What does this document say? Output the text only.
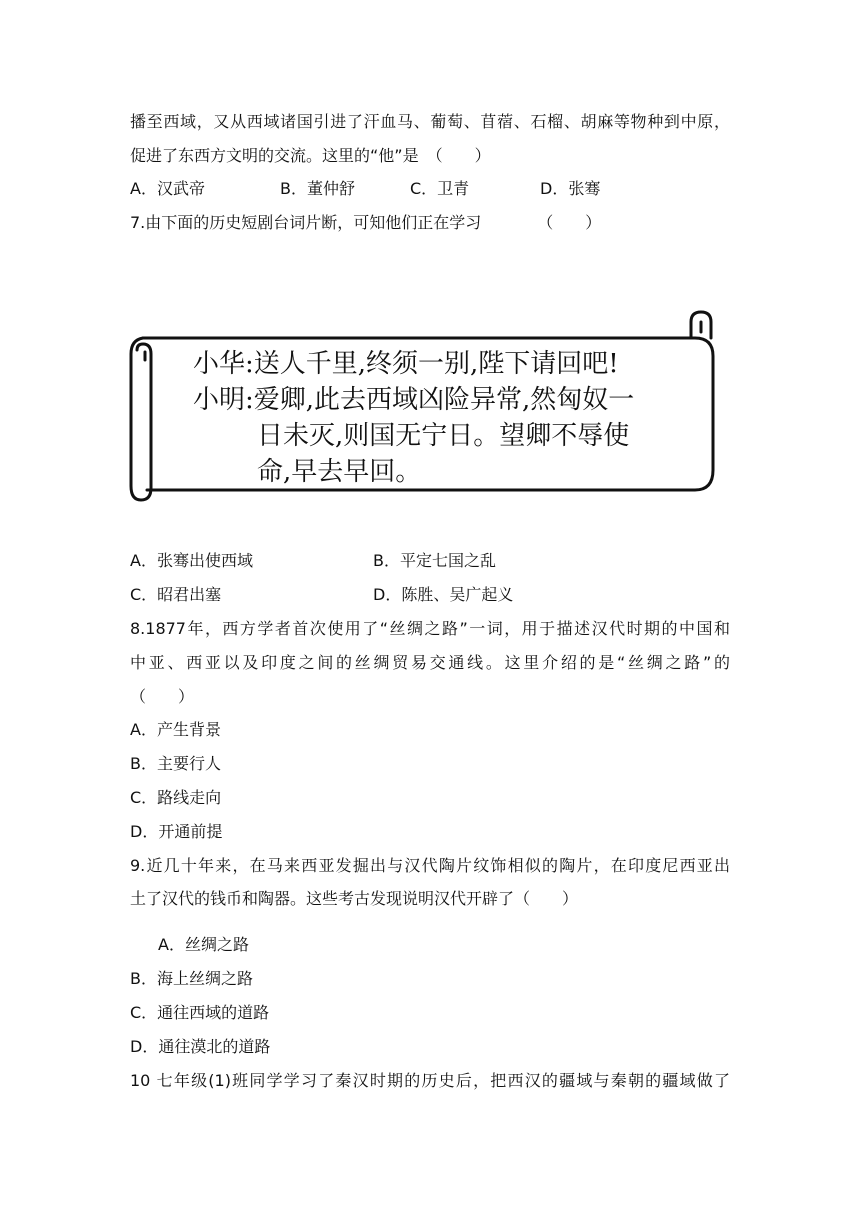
播至西域，又从西域诸国引进了汗血马、葡萄、苜蓿、石榴、胡麻等物种到中原，
促进了东西方文明的交流。这里的“他”是　（　　）
A．汉武帝	B．董仲舒	C．卫青	D．张骞
7.由下面的历史短剧台词片断，可知他们正在学习　　　　（　　）
小华:送人千里,终须一别,陛下请回吧!
小明:爱卿,此去西域凶险异常,然匈奴一
日未灭,则国无宁日。望卿不辱使
命,早去早回。
A．张骞出使西域	B．平定七国之乱
C．昭君出塞	D．陈胜、吴广起义
8.1877年，西方学者首次使用了“丝绸之路”一词，用于描述汉代时期的中国和
中亚、西亚以及印度之间的丝绸贸易交通线。这里介绍的是“丝绸之路”的
（　　）
A．产生背景
B．主要行人
C．路线走向
D．开通前提
9.近几十年来，在马来西亚发掘出与汉代陶片纹饰相似的陶片，在印度尼西亚出
土了汉代的钱币和陶器。这些考古发现说明汉代开辟了（　　）
A．丝绸之路
B．海上丝绸之路
C．通往西域的道路
D．通往漠北的道路
10 七年级(1)班同学学习了秦汉时期的历史后，把西汉的疆域与秦朝的疆域做了
